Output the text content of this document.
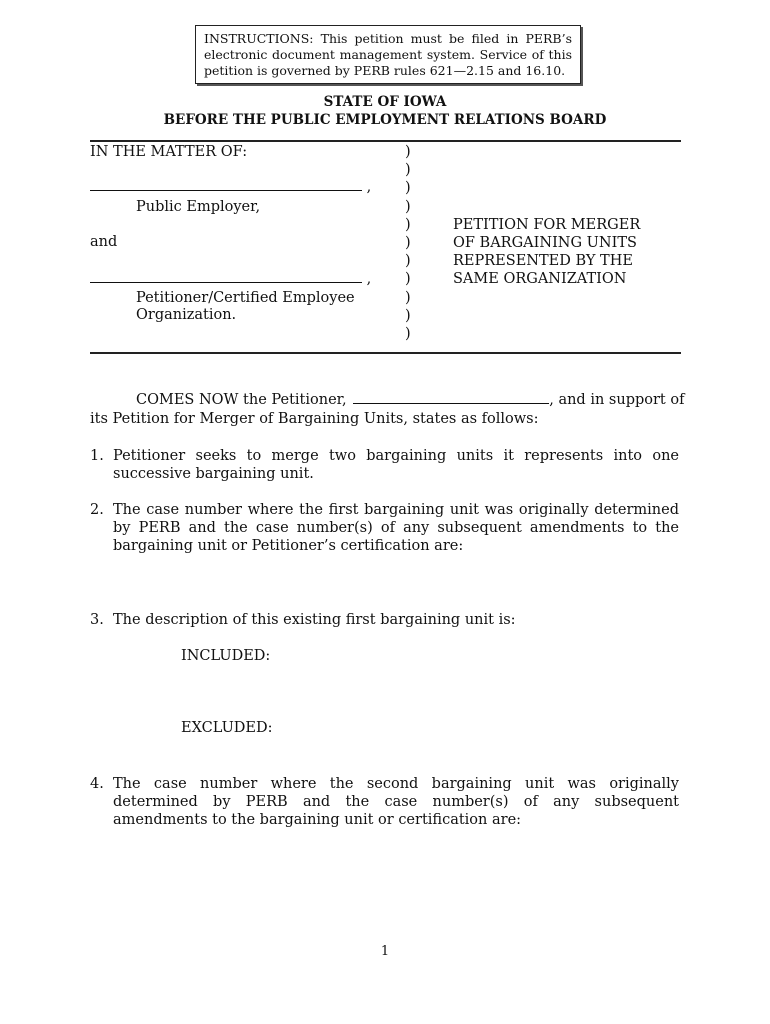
INSTRUCTIONS: This petition must be filed in PERB’s electronic document management system. Service of this petition is governed by PERB rules 621—2.15 and 16.10.
STATE OF IOWA
BEFORE THE PUBLIC EMPLOYMENT RELATIONS BOARD
IN THE MATTER OF:
,
Public Employer,
and
,
Petitioner/Certified Employee
Organization.
)
)
)
)
)
)
)
)
)
)
)
PETITION FOR MERGER
OF BARGAINING UNITS
REPRESENTED BY THE
SAME ORGANIZATION
COMES NOW the Petitioner,	, and in support of
its Petition for Merger of Bargaining Units, states as follows:
1. Petitioner seeks to merge two bargaining units it represents into one successive bargaining unit.
2. The case number where the first bargaining unit was originally determined by PERB and the case number(s) of any subsequent amendments to the bargaining unit or Petitioner’s certification are:
3. The description of this existing first bargaining unit is:
INCLUDED:
EXCLUDED:
4. The case number where the second bargaining unit was originally determined by PERB and the case number(s) of any subsequent amendments to the bargaining unit or certification are:
1
